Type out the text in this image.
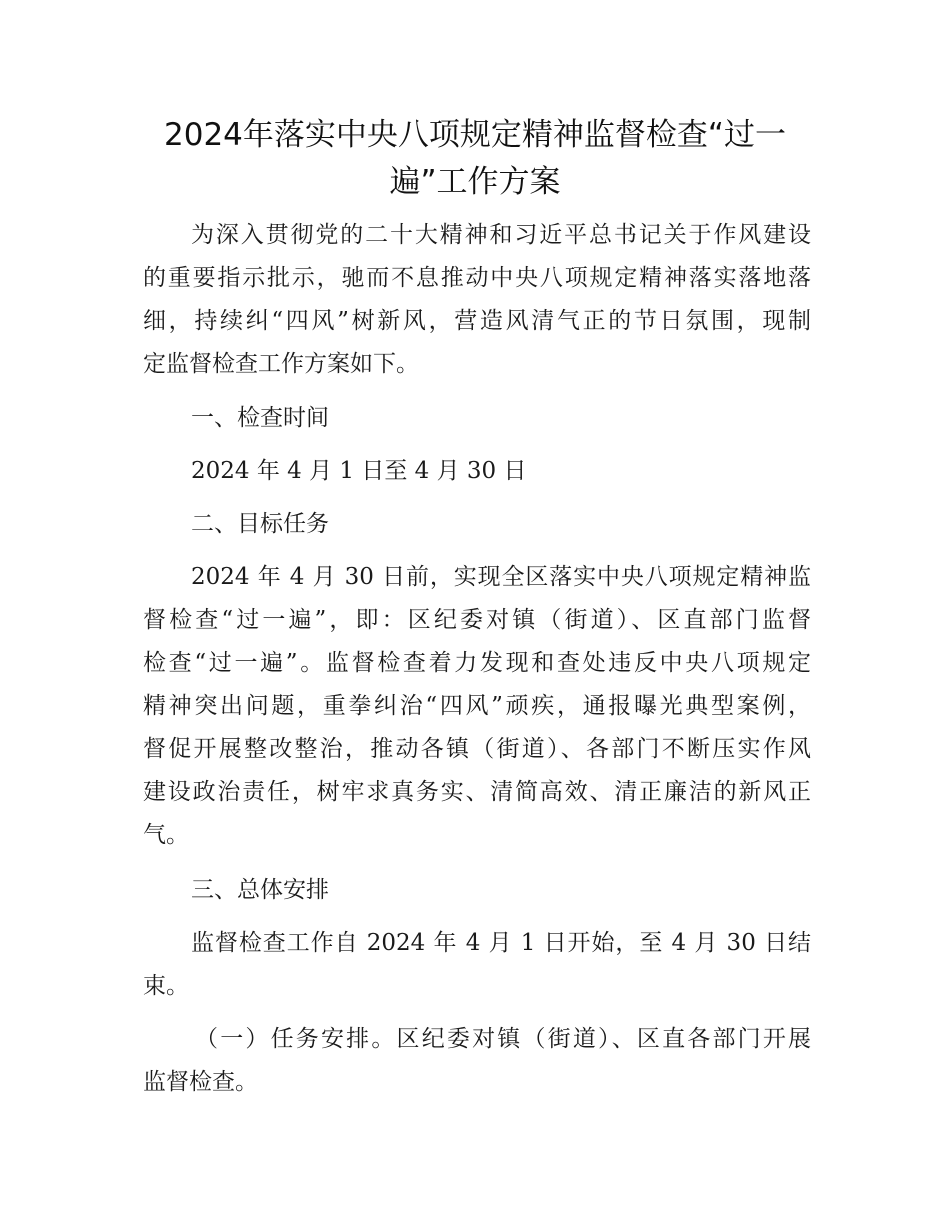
2024年落实中央八项规定精神监督检查“过一
遍”工作方案
为深入贯彻党的二十大精神和习近平总书记关于作风建设
的重要指示批示，驰而不息推动中央八项规定精神落实落地落
细，持续纠“四风”树新风，营造风清气正的节日氛围，现制
定监督检查工作方案如下。
一、检查时间
2024 年 4 月 1 日至 4 月 30 日
二、目标任务
2024 年 4 月 30 日前，实现全区落实中央八项规定精神监
督检查“过一遍”，即：区纪委对镇（街道）、区直部门监督
检查“过一遍”。监督检查着力发现和查处违反中央八项规定
精神突出问题，重拳纠治“四风”顽疾，通报曝光典型案例，
督促开展整改整治，推动各镇（街道）、各部门不断压实作风
建设政治责任，树牢求真务实、清简高效、清正廉洁的新风正
气。
三、总体安排
监督检查工作自 2024 年 4 月 1 日开始，至 4 月 30 日结
束。
（一）任务安排。区纪委对镇（街道）、区直各部门开展
监督检查。
